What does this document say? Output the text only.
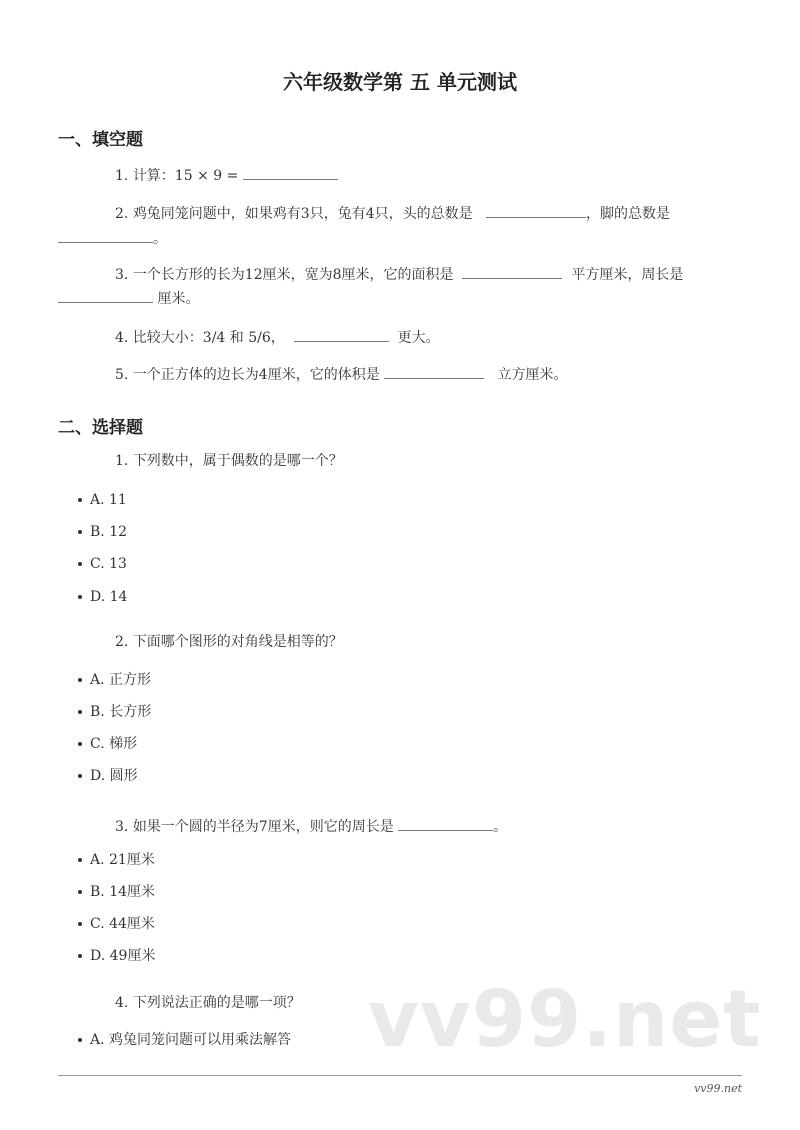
六年级数学第 五 单元测试
一、填空题
1. 计算：15 × 9 =
2. 鸡兔同笼问题中，如果鸡有3只，兔有4只，头的总数是	，脚的总数是
。
3. 一个长方形的长为12厘米，宽为8厘米，它的面积是	平方厘米，周长是
厘米。
4. 比较大小：3/4 和 5/6，	更大。
5. 一个正方体的边长为4厘米，它的体积是	立方厘米。
二、选择题
1. 下列数中，属于偶数的是哪一个？
A. 11
B. 12
C. 13
D. 14
2. 下面哪个图形的对角线是相等的？
A. 正方形
B. 长方形
C. 梯形
D. 圆形
3. 如果一个圆的半径为7厘米，则它的周长是	。
A. 21厘米
B. 14厘米
C. 44厘米
D. 49厘米
vv99.net
4. 下列说法正确的是哪一项？
A. 鸡兔同笼问题可以用乘法解答
vv99.net
